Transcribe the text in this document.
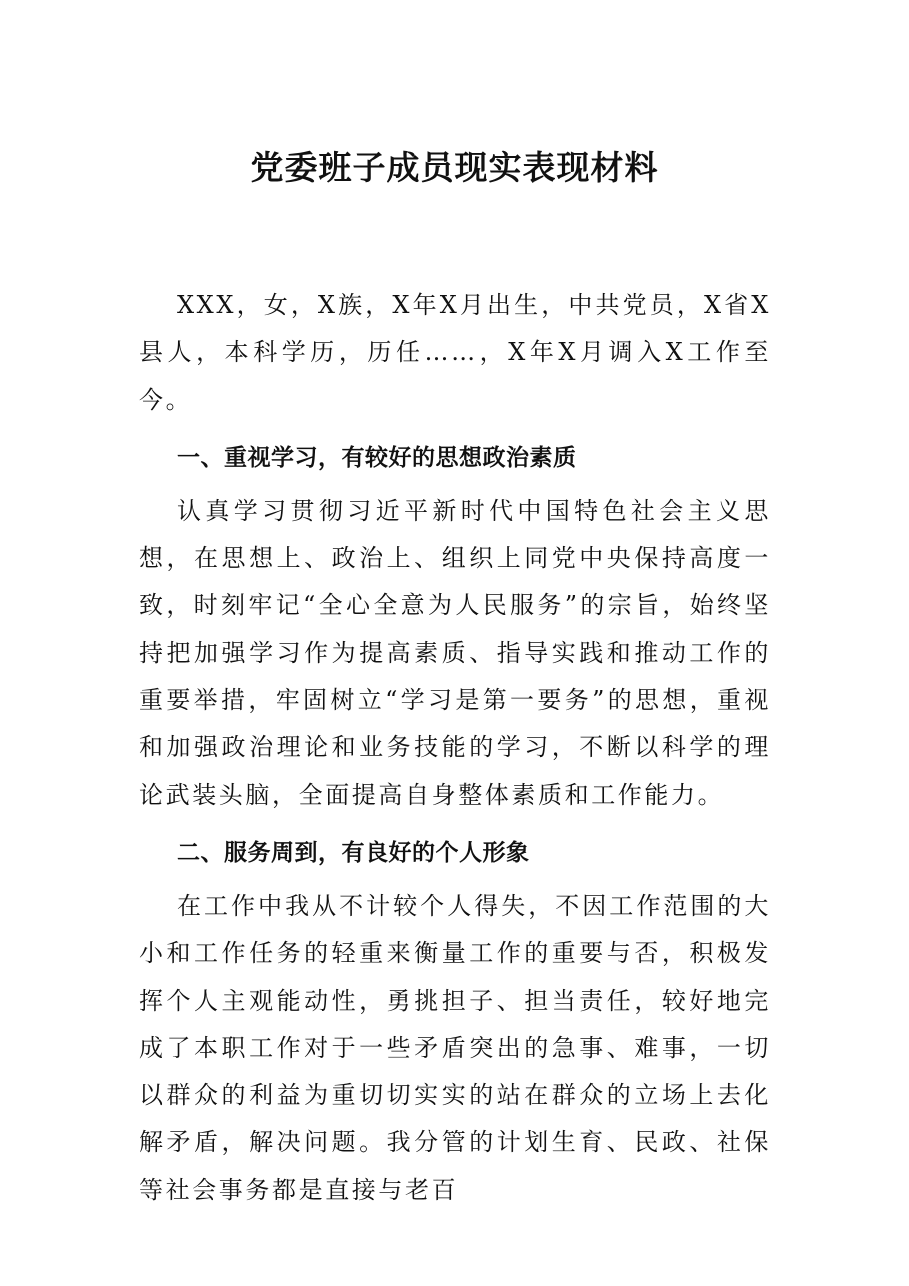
党委班子成员现实表现材料

XXX，女，X族，X年X月出生，中共党员，X省X县人，本科学历，历任……，X年X月调入X工作至今。

一、重视学习，有较好的思想政治素质

认真学习贯彻习近平新时代中国特色社会主义思想，在思想上、政治上、组织上同党中央保持高度一致，时刻牢记“全心全意为人民服务”的宗旨，始终坚持把加强学习作为提高素质、指导实践和推动工作的重要举措，牢固树立“学习是第一要务”的思想，重视和加强政治理论和业务技能的学习，不断以科学的理论武装头脑，全面提高自身整体素质和工作能力。

二、服务周到，有良好的个人形象

在工作中我从不计较个人得失，不因工作范围的大小和工作任务的轻重来衡量工作的重要与否，积极发挥个人主观能动性，勇挑担子、担当责任，较好地完成了本职工作对于一些矛盾突出的急事、难事，一切以群众的利益为重切切实实的站在群众的立场上去化解矛盾，解决问题。我分管的计划生育、民政、社保等社会事务都是直接与老百
